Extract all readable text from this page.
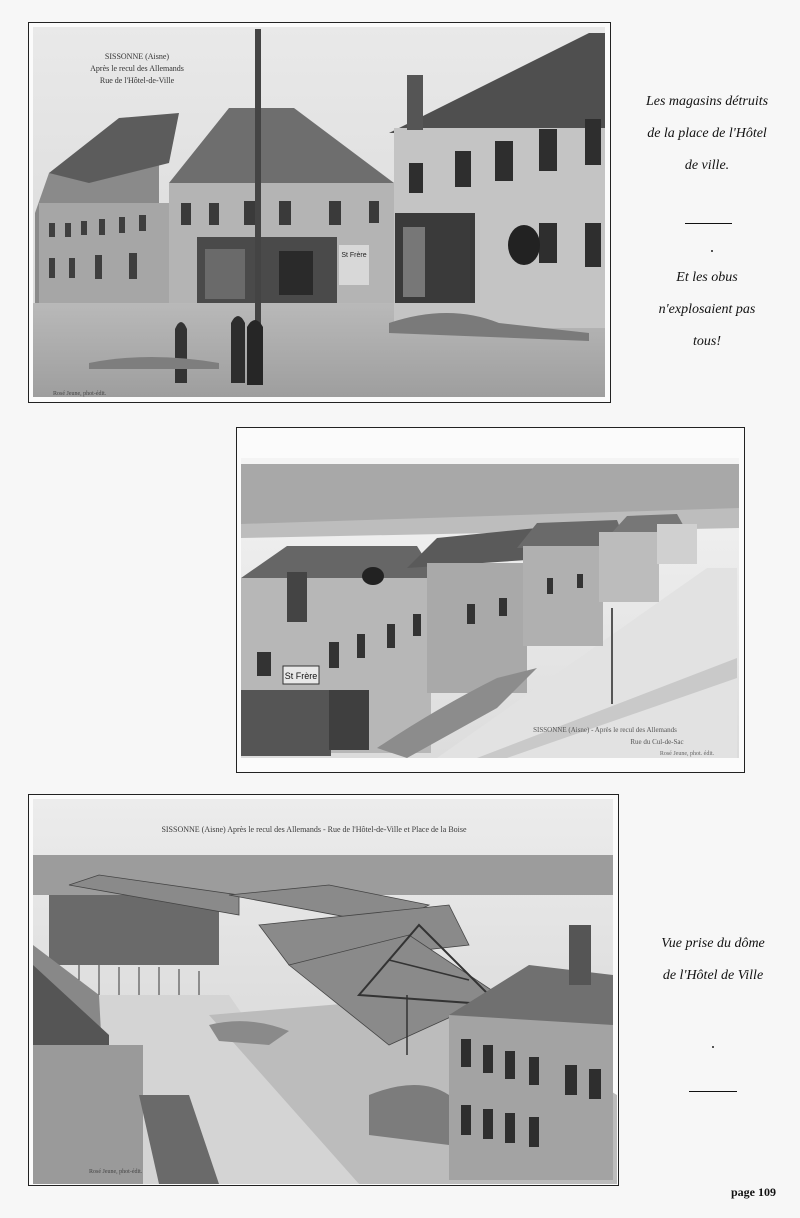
St Frère
SISSONNE (Aisne)
Après le recul des Allemands
Rue de l'Hôtel-de-Ville
Rosé Jeune, phot-édit.
Les magasins détruits
de la place de l'Hôtel
de ville.
Et les obus
n'explosaient pas
tous!
St Frère
SISSONNE (Aisne) - Après le recul des Allemands
Rue du Cul-de-Sac
Rosé Jeune, phot. édit.
SISSONNE (Aisne) Après le recul des Allemands - Rue de l'Hôtel-de-Ville et Place de la Boise
Rosé Jeune, phot-édit.
Vue prise du dôme
de l'Hôtel de Ville
page 109
